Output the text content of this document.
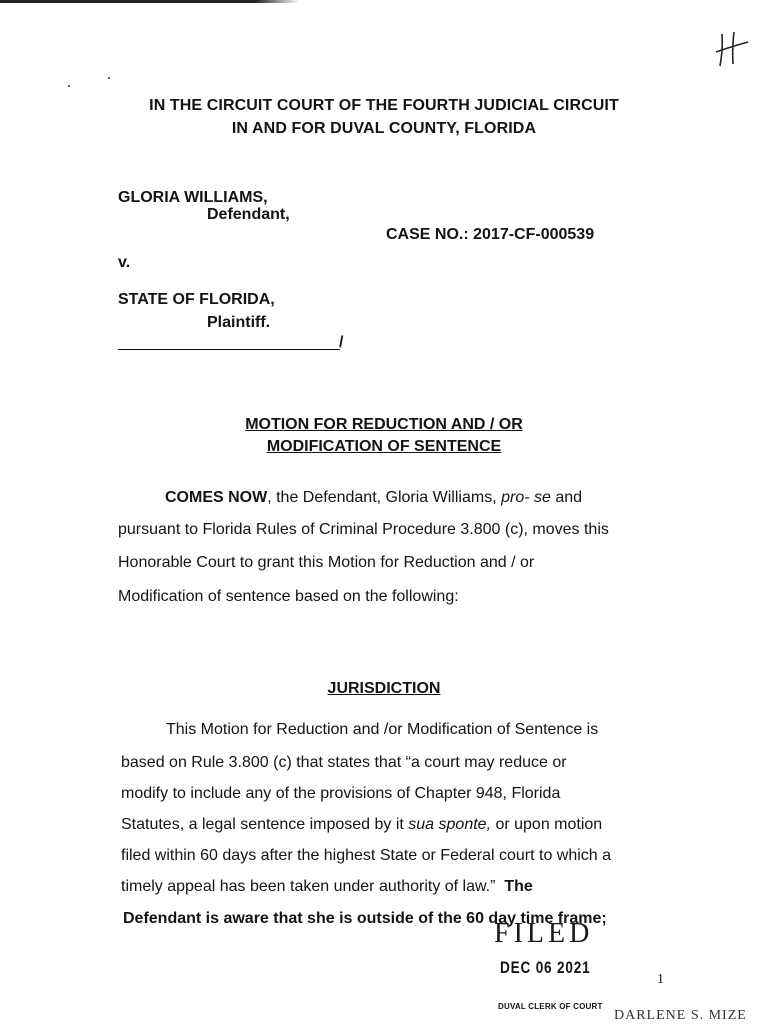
IN THE CIRCUIT COURT OF THE FOURTH JUDICIAL CIRCUIT
IN AND FOR DUVAL COUNTY, FLORIDA
GLORIA WILLIAMS,
Defendant,
CASE NO.: 2017-CF-000539
v.
STATE OF FLORIDA,
Plaintiff.
/
MOTION FOR REDUCTION AND / OR
MODIFICATION OF SENTENCE
COMES NOW, the Defendant, Gloria Williams, pro- se and
pursuant to Florida Rules of Criminal Procedure 3.800 (c), moves this
Honorable Court to grant this Motion for Reduction and / or
Modification of sentence based on the following:
JURISDICTION
This Motion for Reduction and /or Modification of Sentence is
based on Rule 3.800 (c) that states that “a court may reduce or
modify to include any of the provisions of Chapter 948, Florida
Statutes, a legal sentence imposed by it sua sponte, or upon motion
filed within 60 days after the highest State or Federal court to which a
timely appeal has been taken under authority of law.” The
Defendant is aware that she is outside of the 60 day time frame;
FILED
DEC 06 2021
1
DUVAL CLERK OF COURT
DARLENE S. MIZE
